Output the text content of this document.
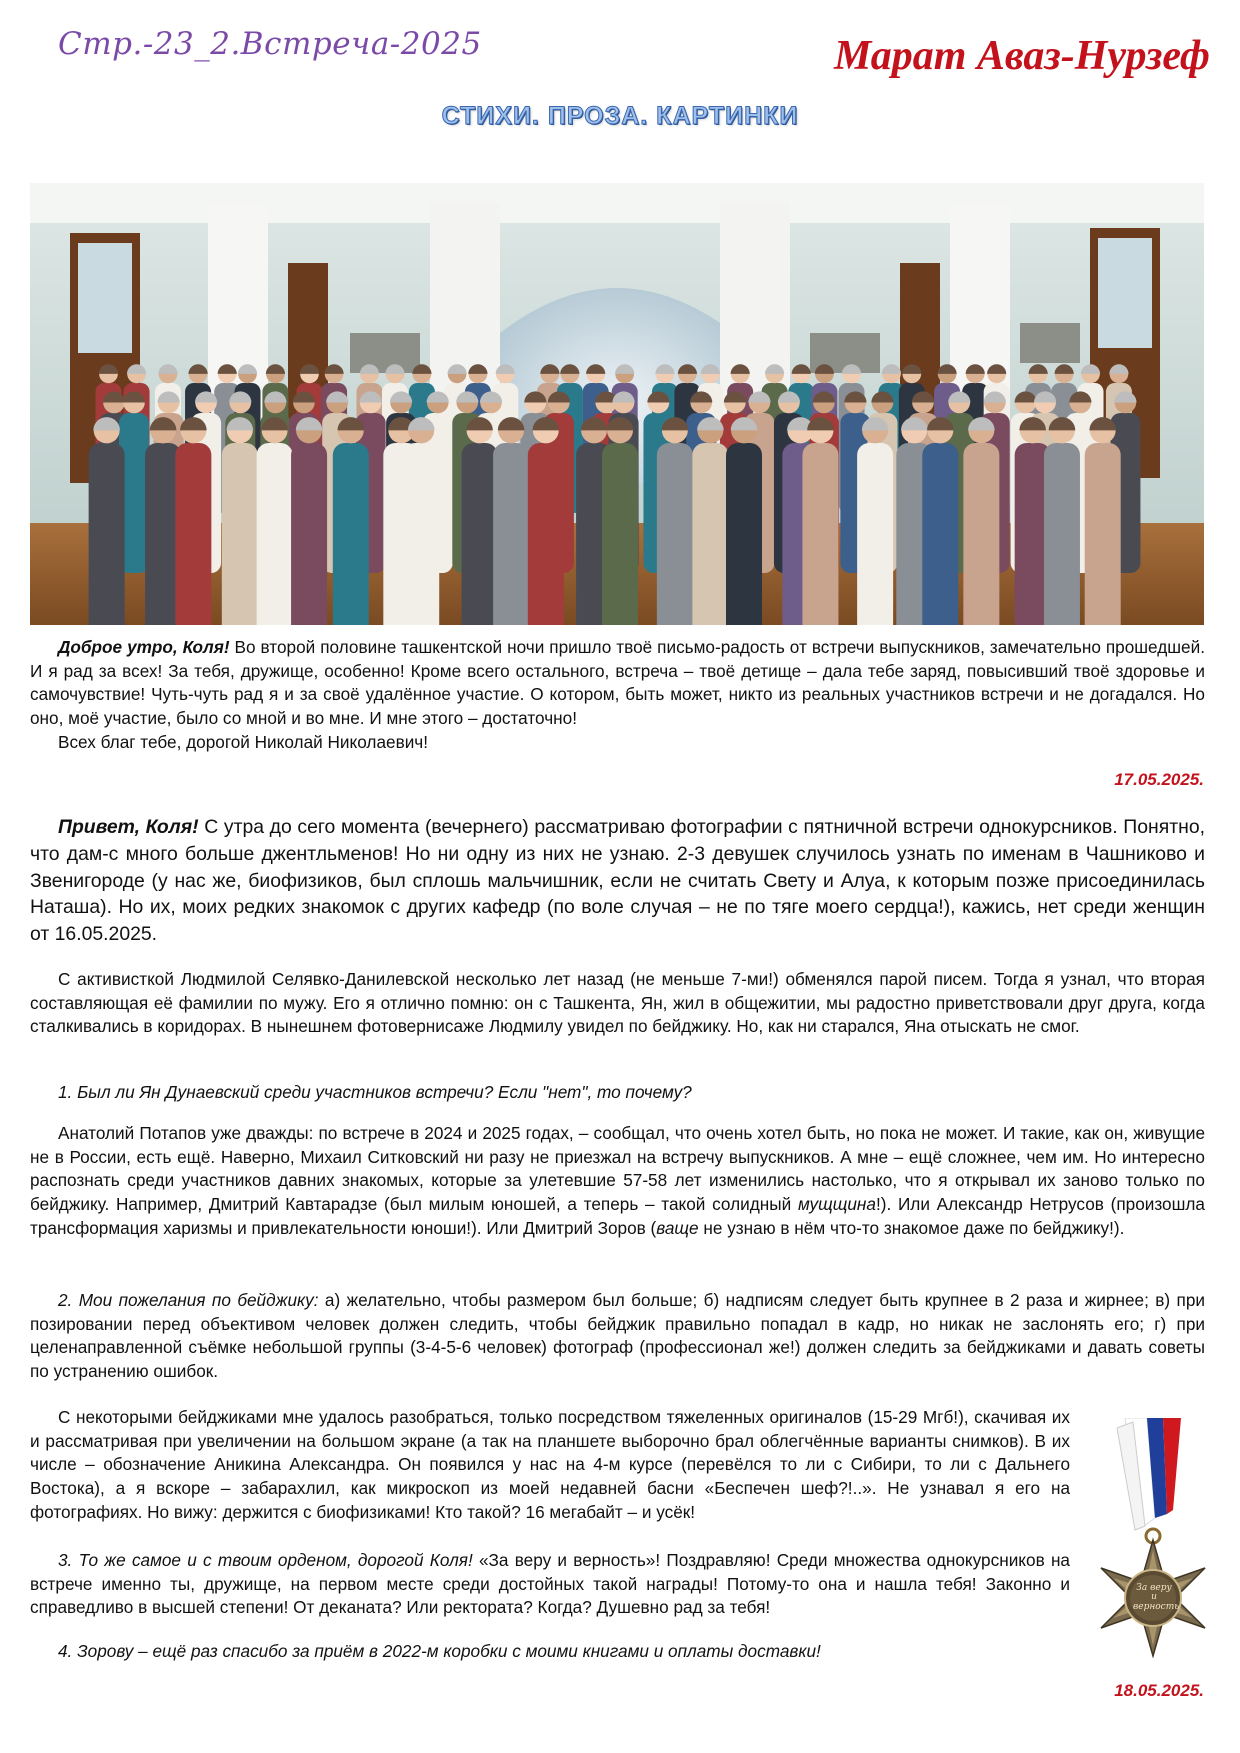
Стр.-23_2.Встреча-2025	Марат Аваз-Нурзеф
СТИХИ. ПРОЗА. КАРТИНКИ

Доброе утро, Коля! Во второй половине ташкентской ночи пришло твоё письмо-радость от встречи выпускников, замечательно прошедшей. И я рад за всех! За тебя, дружище, особенно! Кроме всего остального, встреча – твоё детище – дала тебе заряд, повысивший твоё здоровье и самочувствие! Чуть-чуть рад я и за своё удалённое участие. О котором, быть может, никто из реальных участников встречи и не догадался. Но оно, моё участие, было со мной и во мне. И мне этого – достаточно!

Всех благ тебе, дорогой Николай Николаевич!

17.05.2025.

Привет, Коля! С утра до сего момента (вечернего) рассматриваю фотографии с пятничной встречи однокурсников. Понятно, что дам-с много больше джентльменов! Но ни одну из них не узнаю. 2-3 девушек случилось узнать по именам в Чашниково и Звенигороде (у нас же, биофизиков, был сплошь мальчишник, если не считать Свету и Алуа, к которым позже присоединилась Наташа). Но их, моих редких знакомок с других кафедр (по воле случая – не по тяге моего сердца!), кажись, нет среди женщин от 16.05.2025.

С активисткой Людмилой Селявко-Данилевской несколько лет назад (не меньше 7-ми!) обменялся парой писем. Тогда я узнал, что вторая составляющая её фамилии по мужу. Его я отлично помню: он с Ташкента, Ян, жил в общежитии, мы радостно приветствовали друг друга, когда сталкивались в коридорах. В нынешнем фотовернисаже Людмилу увидел по бейджику. Но, как ни старался, Яна отыскать не смог.

1. Был ли Ян Дунаевский среди участников встречи? Если "нет", то почему?

Анатолий Потапов уже дважды: по встрече в 2024 и 2025 годах, – сообщал, что очень хотел быть, но пока не может. И такие, как он, живущие не в России, есть ещё. Наверно, Михаил Ситковский ни разу не приезжал на встречу выпускников. А мне – ещё сложнее, чем им. Но интересно распознать среди участников давних знакомых, которые за улетевшие 57-58 лет изменились настолько, что я открывал их заново только по бейджику. Например, Дмитрий Кавтарадзе (был милым юношей, а теперь – такой солидный мущщина!). Или Александр Нетрусов (произошла трансформация харизмы и привлекательности юноши!). Или Дмитрий Зоров (ваще не узнаю в нём что-то знакомое даже по бейджику!).

2. Мои пожелания по бейджику: а) желательно, чтобы размером был больше; б) надписям следует быть крупнее в 2 раза и жирнее; в) при позировании перед объективом человек должен следить, чтобы бейджик правильно попадал в кадр, но никак не заслонять его; г) при целенаправленной съёмке небольшой группы (3-4-5-6 человек) фотограф (профессионал же!) должен следить за бейджиками и давать советы по устранению ошибок.

С некоторыми бейджиками мне удалось разобраться, только посредством тяжеленных оригиналов (15-29 Мгб!), скачивая их и рассматривая при увеличении на большом экране (а так на планшете выборочно брал облегчённые варианты снимков). В их числе – обозначение Аникина Александра. Он появился у нас на 4-м курсе (перевёлся то ли с Сибири, то ли с Дальнего Востока), а я вскоре – забарахлил, как микроскоп из моей недавней басни «Беспечен шеф?!..». Не узнавал я его на фотографиях. Но вижу: держится с биофизиками! Кто такой? 16 мегабайт – и усёк!

3. То же самое и с твоим орденом, дорогой Коля! «За веру и верность»! Поздравляю! Среди множества однокурсников на встрече именно ты, дружище, на первом месте среди достойных такой награды! Потому-то она и нашла тебя! Законно и справедливо в высшей степени! От деканата? Или ректората? Когда? Душевно рад за тебя!

4. Зорову – ещё раз спасибо за приём в 2022-м коробки с моими книгами и оплаты доставки!

18.05.2025.
За веру и верность
